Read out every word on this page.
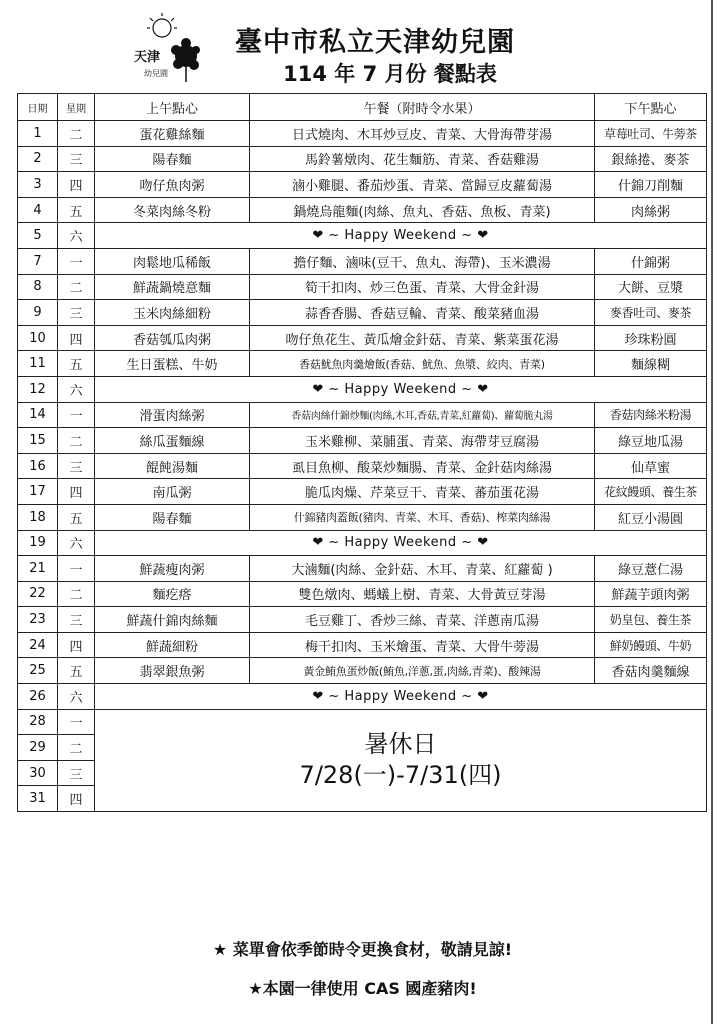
天津
幼兒園
臺中市私立天津幼兒園
114 年 7 月份 餐點表
日期	星期	上午點心	午餐（附時令水果）	下午點心
1	二	蛋花雞絲麵	日式燒肉、木耳炒豆皮、青菜、大骨海帶芽湯	草莓吐司、牛蒡茶
2	三	陽春麵	馬鈴薯燉肉、花生麵筋、青菜、香菇雞湯	銀絲捲、麥茶
3	四	吻仔魚肉粥	滷小雞腿、番茄炒蛋、青菜、當歸豆皮蘿蔔湯	什錦刀削麵
4	五	冬菜肉絲冬粉	鍋燒烏龍麵(肉絲、魚丸、香菇、魚板、青菜)	肉絲粥
5	六	❤ ~ Happy Weekend ~ ❤		
7	一	肉鬆地瓜稀飯	擔仔麵、滷味(豆干、魚丸、海帶)、玉米濃湯	什錦粥
8	二	鮮蔬鍋燒意麵	筍干扣肉、炒三色蛋、青菜、大骨金針湯	大餅、豆漿
9	三	玉米肉絲細粉	蒜香香腸、香菇豆輪、青菜、酸菜豬血湯	麥香吐司、麥茶
10	四	香菇瓠瓜肉粥	吻仔魚花生、黃瓜燴金針菇、青菜、紫菜蛋花湯	珍珠粉圓
11	五	生日蛋糕、牛奶	香菇魷魚肉羹燴飯(香菇、魷魚、魚漿、絞肉、青菜)	麵線糊
12	六	❤ ~ Happy Weekend ~ ❤		
14	一	滑蛋肉絲粥	香菇肉絲什錦炒麵(肉絲,木耳,香菇,青菜,紅蘿蔔)、蘿蔔脆丸湯	香菇肉絲米粉湯
15	二	絲瓜蛋麵線	玉米雞柳、菜脯蛋、青菜、海帶芽豆腐湯	綠豆地瓜湯
16	三	餛飩湯麵	虱目魚柳、酸菜炒麵腸、青菜、金針菇肉絲湯	仙草蜜
17	四	南瓜粥	脆瓜肉燥、芹菜豆干、青菜、蕃茄蛋花湯	花紋饅頭、養生茶
18	五	陽春麵	什錦豬肉蓋飯(豬肉、青菜、木耳、香菇)、榨菜肉絲湯	紅豆小湯圓
19	六	❤ ~ Happy Weekend ~ ❤		
21	一	鮮蔬瘦肉粥	大滷麵(肉絲、金針菇、木耳、青菜、紅蘿蔔 )	綠豆薏仁湯
22	二	麵疙瘩	雙色燉肉、螞蟻上樹、青菜、大骨黃豆芽湯	鮮蔬芋頭肉粥
23	三	鮮蔬什錦肉絲麵	毛豆雞丁、香炒三絲、青菜、洋蔥南瓜湯	奶皇包、養生茶
24	四	鮮蔬細粉	梅干扣肉、玉米燴蛋、青菜、大骨牛蒡湯	鮮奶饅頭、牛奶
25	五	翡翠銀魚粥	黃金鮪魚蛋炒飯(鮪魚,洋蔥,蛋,肉絲,青菜)、酸辣湯	香菇肉羹麵線
26	六	❤ ~ Happy Weekend ~ ❤		
28	一	暑休日
7/28(一)-7/31(四)		

29	二			
30	三			
31	四			
★ 菜單會依季節時令更換食材，敬請見諒!
★本園一律使用 CAS 國產豬肉!
